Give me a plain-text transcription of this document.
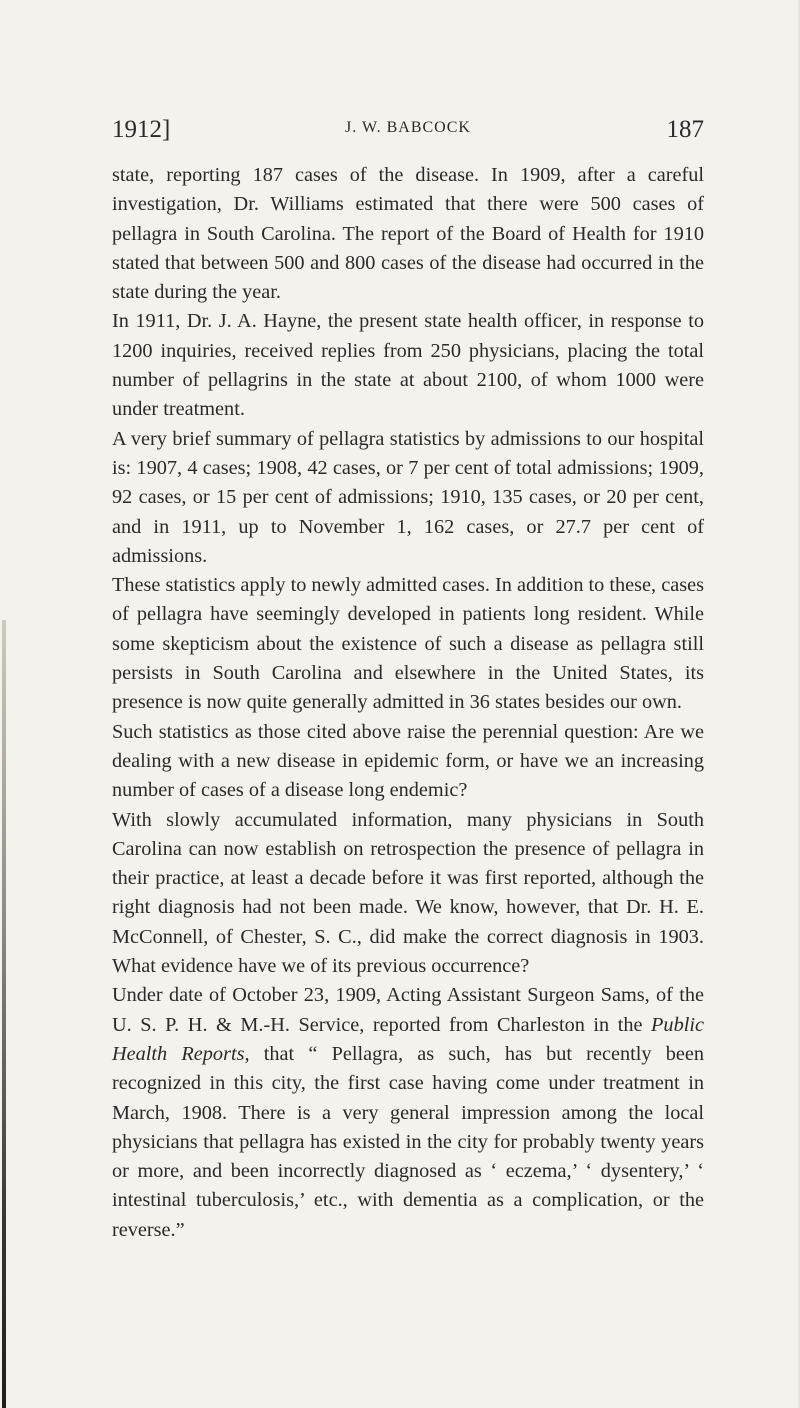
1912]	J. W. BABCOCK	187

state, reporting 187 cases of the disease. In 1909, after a careful investigation, Dr. Williams estimated that there were 500 cases of pellagra in South Carolina. The report of the Board of Health for 1910 stated that between 500 and 800 cases of the disease had occurred in the state during the year.

In 1911, Dr. J. A. Hayne, the present state health officer, in response to 1200 inquiries, received replies from 250 physicians, placing the total number of pellagrins in the state at about 2100, of whom 1000 were under treatment.

A very brief summary of pellagra statistics by admissions to our hospital is: 1907, 4 cases; 1908, 42 cases, or 7 per cent of total admissions; 1909, 92 cases, or 15 per cent of admissions; 1910, 135 cases, or 20 per cent, and in 1911, up to November 1, 162 cases, or 27.7 per cent of admissions.

These statistics apply to newly admitted cases. In addition to these, cases of pellagra have seemingly developed in patients long resident. While some skepticism about the existence of such a disease as pellagra still persists in South Carolina and elsewhere in the United States, its presence is now quite generally admitted in 36 states besides our own.

Such statistics as those cited above raise the perennial question: Are we dealing with a new disease in epidemic form, or have we an increasing number of cases of a disease long endemic?

With slowly accumulated information, many physicians in South Carolina can now establish on retrospection the presence of pellagra in their practice, at least a decade before it was first reported, although the right diagnosis had not been made. We know, however, that Dr. H. E. McConnell, of Chester, S. C., did make the correct diagnosis in 1903. What evidence have we of its previous occurrence?

Under date of October 23, 1909, Acting Assistant Surgeon Sams, of the U. S. P. H. & M.-H. Service, reported from Charleston in the Public Health Reports, that “ Pellagra, as such, has but recently been recognized in this city, the first case having come under treatment in March, 1908. There is a very general impression among the local physicians that pellagra has existed in the city for probably twenty years or more, and been incorrectly diagnosed as ‘ eczema,’ ‘ dysentery,’ ‘ intestinal tuberculosis,’ etc., with dementia as a complication, or the reverse.”
